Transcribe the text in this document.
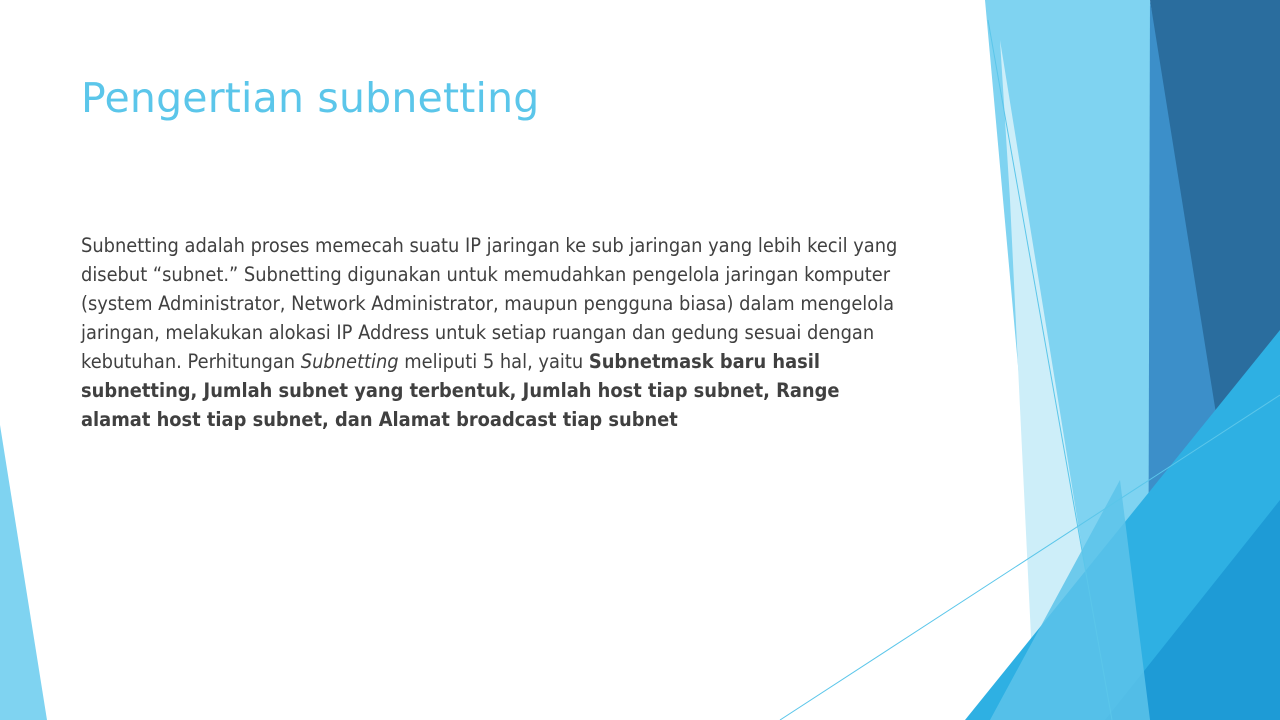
Pengertian subnetting

Subnetting adalah proses memecah suatu IP jaringan ke sub jaringan yang lebih kecil yang disebut “subnet.” Subnetting digunakan untuk memudahkan pengelola jaringan komputer (system Administrator, Network Administrator, maupun pengguna biasa) dalam mengelola jaringan, melakukan alokasi IP Address untuk setiap ruangan dan gedung sesuai dengan kebutuhan. Perhitungan Subnetting meliputi 5 hal, yaitu Subnetmask baru hasil subnetting, Jumlah subnet yang terbentuk, Jumlah host tiap subnet, Range alamat host tiap subnet, dan Alamat broadcast tiap subnet
